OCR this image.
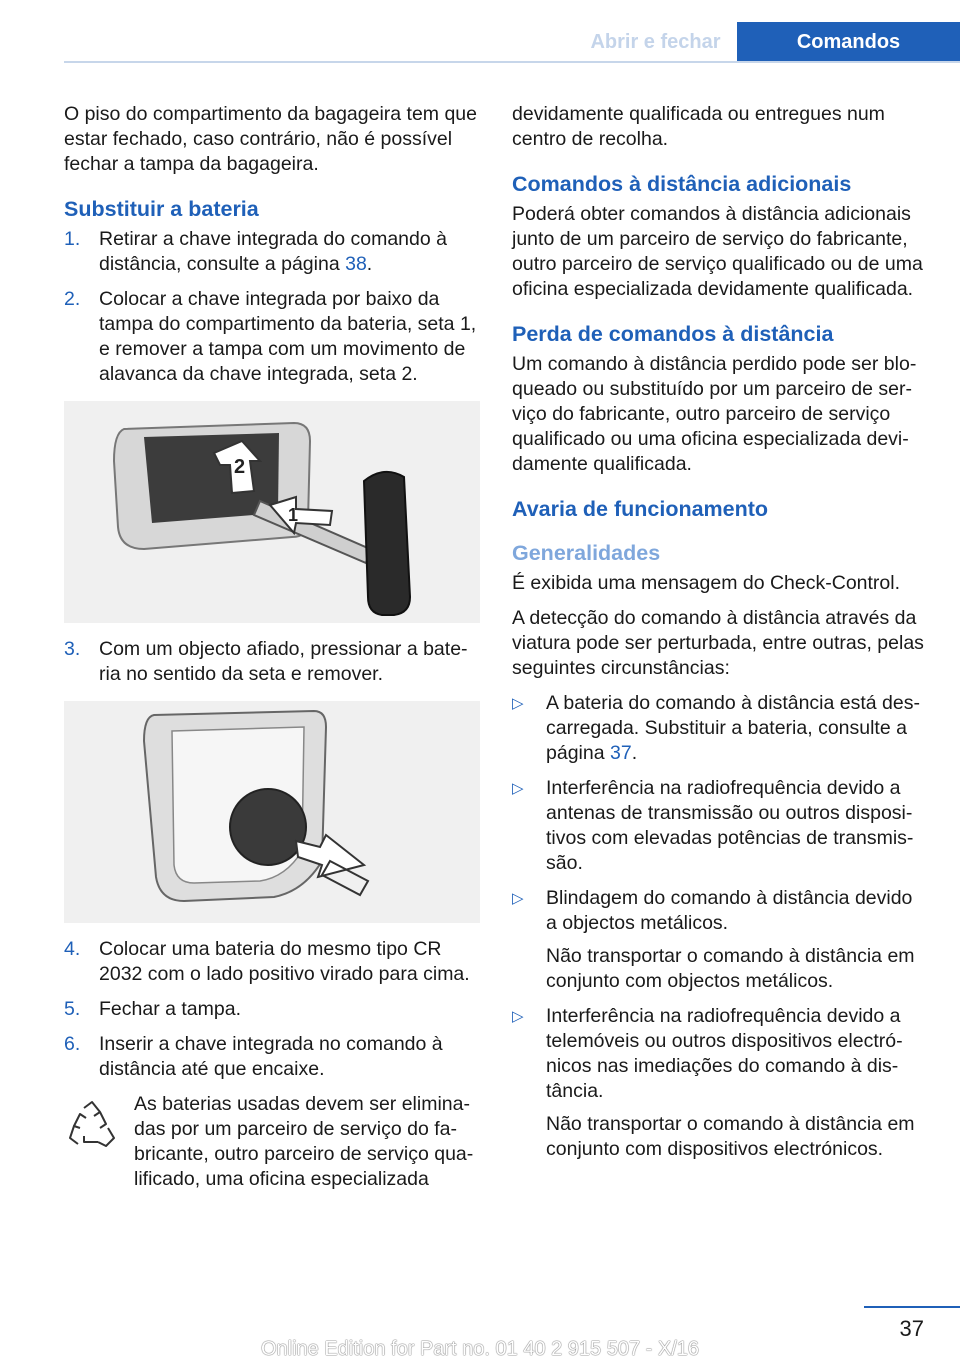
Abrir e fechar	Comandos

O piso do compartimento da bagageira tem que estar fechado, caso contrário, não é possível fechar a tampa da bagageira.

Substituir a bateria
1. Retirar a chave integrada do comando à distância, consulte a página 38.
2. Colocar a chave integrada por baixo da tampa do compartimento da bateria, seta 1, e remover a tampa com um movimento de alavanca da chave integrada, seta 2.
2
1
3. Com um objecto afiado, pressionar a bateria no sentido da seta e remover.
4. Colocar uma bateria do mesmo tipo CR 2032 com o lado positivo virado para cima.
5. Fechar a tampa.
6. Inserir a chave integrada no comando à distância até que encaixe.
As baterias usadas devem ser eliminadas por um parceiro de serviço do fabricante, outro parceiro de serviço qualificado, uma oficina especializada

devidamente qualificada ou entregues num centro de recolha.

Comandos à distância adicionais

Poderá obter comandos à distância adicionais junto de um parceiro de serviço do fabricante, outro parceiro de serviço qualificado ou de uma oficina especializada devidamente qualificada.

Perda de comandos à distância

Um comando à distância perdido pode ser bloqueado ou substituído por um parceiro de serviço do fabricante, outro parceiro de serviço qualificado ou uma oficina especializada devidamente qualificada.

Avaria de funcionamento
Generalidades

É exibida uma mensagem do Check-Control.

A detecção do comando à distância através da viatura pode ser perturbada, entre outras, pelas seguintes circunstâncias:

▷ A bateria do comando à distância está descarregada. Substituir a bateria, consulte a página 37.
▷ Interferência na radiofrequência devido a antenas de transmissão ou outros dispositivos com elevadas potências de transmissão.
▷ Blindagem do comando à distância devido a objectos metálicos.
Não transportar o comando à distância em conjunto com objectos metálicos.
▷ Interferência na radiofrequência devido a telemóveis ou outros dispositivos electrónicos nas imediações do comando à distância.
Não transportar o comando à distância em conjunto com dispositivos electrónicos.
37
Online Edition for Part no. 01 40 2 915 507 - X/16
